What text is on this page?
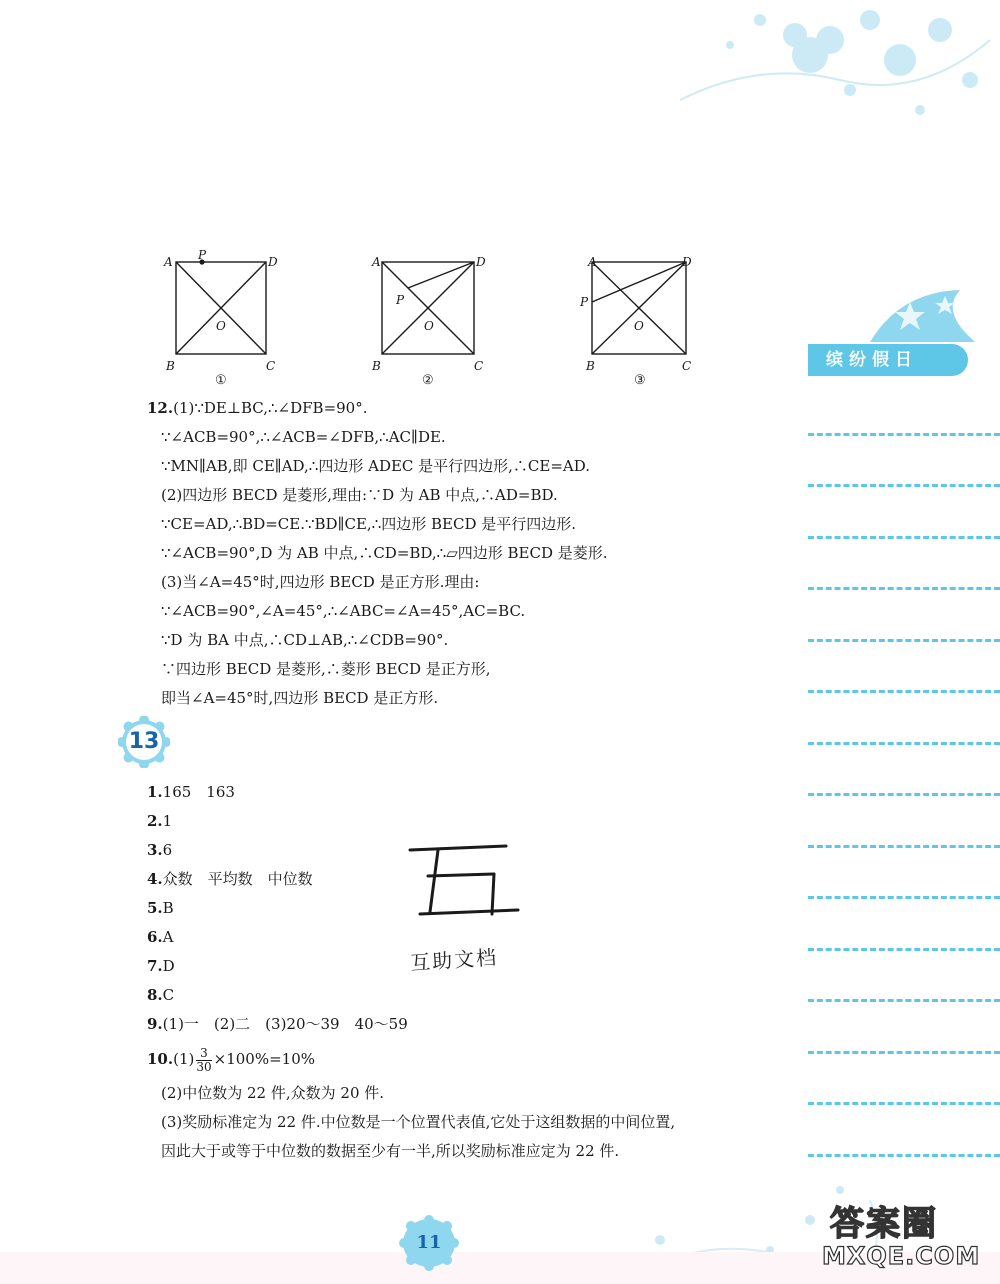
A P	D
O
B	C
A
P
D
O
B	C
A
P
D
O
B	C
①	②	③
缤纷假日
12.(1)∵DE⊥BC,∴∠DFB=90°.
∵∠ACB=90°,∴∠ACB=∠DFB,∴AC∥DE.
∵MN∥AB,即 CE∥AD,∴四边形 ADEC 是平行四边形,∴CE=AD.
(2)四边形 BECD 是菱形,理由:∵D 为 AB 中点,∴AD=BD.
∵CE=AD,∴BD=CE.∵BD∥CE,∴四边形 BECD 是平行四边形.
∵∠ACB=90°,D 为 AB 中点,∴CD=BD,∴▱四边形 BECD 是菱形.
(3)当∠A=45°时,四边形 BECD 是正方形.理由:
∵∠ACB=90°,∠A=45°,∴∠ABC=∠A=45°,AC=BC.
∵D 为 BA 中点,∴CD⊥AB,∴∠CDB=90°.
∵四边形 BECD 是菱形,∴菱形 BECD 是正方形,
即当∠A=45°时,四边形 BECD 是正方形.
13
1.165　163
2.1
3.6
4.众数　平均数　中位数
5.B
6.A
7.D
8.C
9.(1)一　(2)二　(3)20～39　40～59
$10.(1) \frac{3}{30} \times 100\%=10\%$
(2)中位数为 22 件,众数为 20 件.
(3)奖励标准定为 22 件.中位数是一个位置代表值,它处于这组数据的中间位置,
因此大于或等于中位数的数据至少有一半,所以奖励标准应定为 22 件.
互助文档
11	答案圈
MXQE.COM
